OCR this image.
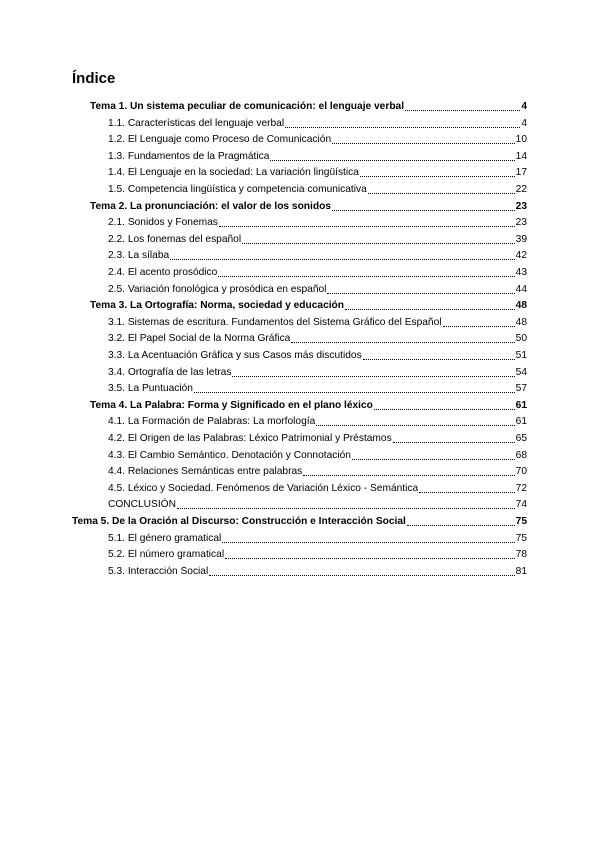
Índice
Tema 1. Un sistema peculiar de comunicación: el lenguaje verbal	4
1.1. Características del lenguaje verbal	4
1.2. El Lenguaje como Proceso de Comunicación	10
1.3. Fundamentos de la Pragmática	14
1.4. El Lenguaje en la sociedad: La variación lingüística	17
1.5. Competencia lingüística y competencia comunicativa	22
Tema 2. La pronunciación: el valor de los sonidos	23
2.1. Sonidos y Fonemas	23
2.2. Los fonemas del español	39
2.3. La sílaba	42
2.4. El acento prosódico	43
2.5. Variación fonológica y prosódica en español	44
Tema 3. La Ortografía: Norma, sociedad y educación	48
3.1. Sistemas de escritura. Fundamentos del Sistema Gráfico del Español	48
3.2. El Papel Social de la Norma Gráfica	50
3.3. La Acentuación Gráfica y sus Casos más discutidos	51
3.4. Ortografía de las letras	54
3.5. La Puntuación	57
Tema 4. La Palabra: Forma y Significado en el plano léxico	61
4.1. La Formación de Palabras: La morfología	61
4.2. El Origen de las Palabras: Léxico Patrimonial y Préstamos	65
4.3. El Cambio Semántico. Denotación y Connotación	68
4.4. Relaciones Semánticas entre palabras	70
4.5. Léxico y Sociedad. Fenómenos de Variación Léxico - Semántica	72
CONCLUSIÓN	74
Tema 5. De la Oración al Discurso: Construcción e Interacción Social	75
5.1. El género gramatical	75
5.2. El número gramatical	78
5.3. Interacción Social	81
